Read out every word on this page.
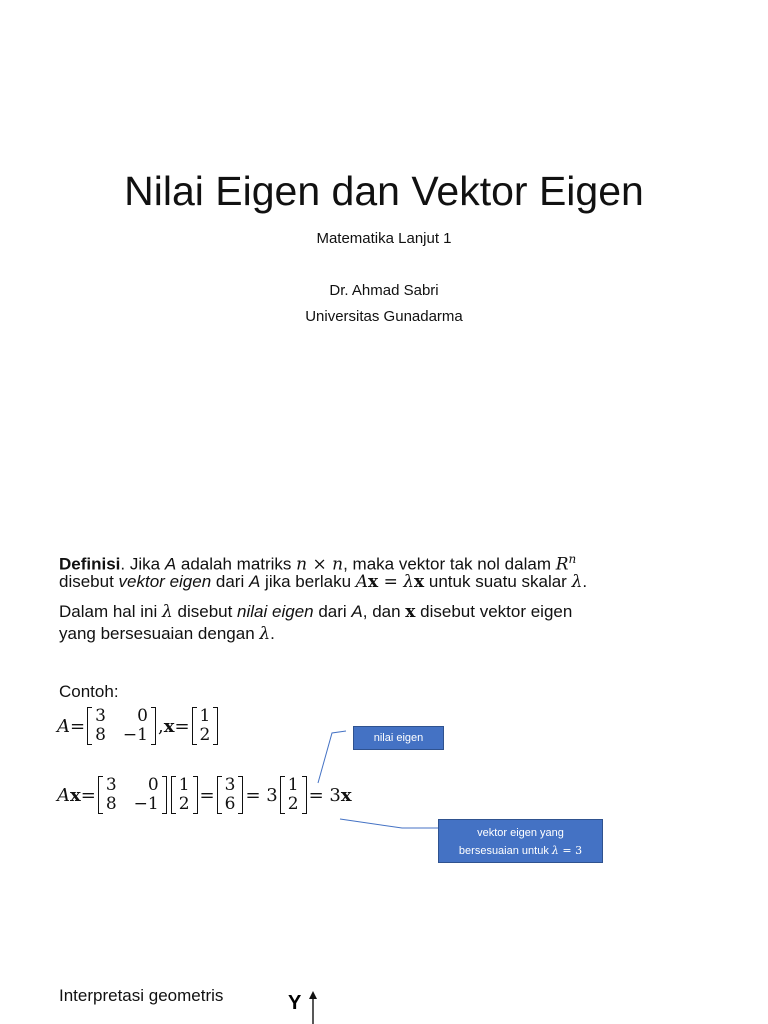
Nilai Eigen dan Vektor Eigen
Matematika Lanjut 1
Dr. Ahmad Sabri
Universitas Gunadarma
Definisi. Jika A adalah matriks n × n, maka vektor tak nol dalam $R^n$
disebut vektor eigen dari A jika berlaku Ax = λx untuk suatu skalar λ.
Dalam hal ini λ disebut nilai eigen dari A, dan x disebut vektor eigen
yang bersesuaian dengan λ.
Contoh:
A= 3	0
8	−1 ,x= 1
2
Ax= 3	0
8	−1
1
2 = 3
6 = 3 1
2 = 3x
nilai eigen
vektor eigen yang
bersesuaian untuk λ = 3
Interpretasi geometris	Y
